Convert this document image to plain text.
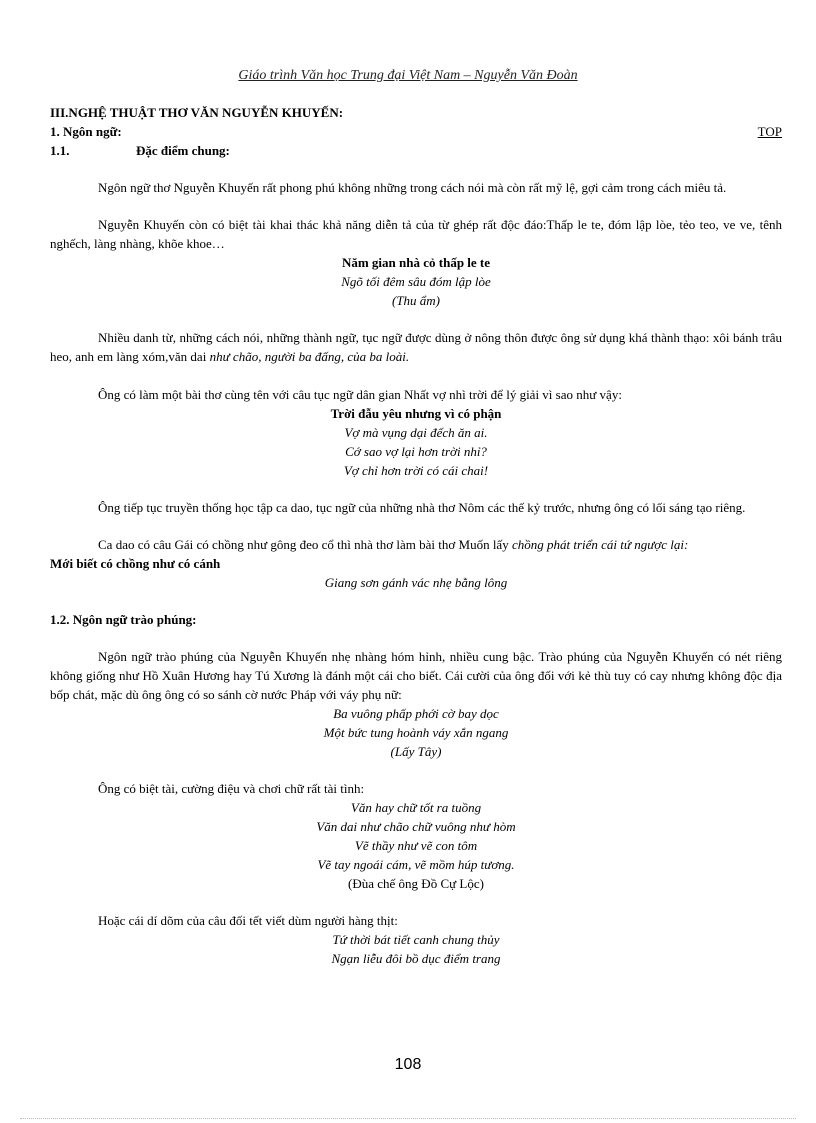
Giáo trình Văn học Trung đại Việt Nam – Nguyễn Văn Đoàn
III.NGHỆ THUẬT THƠ VĂN NGUYỄN KHUYẾN:
1. Ngôn ngữ:	TOP
1.1.	Đặc điểm chung:

Ngôn ngữ thơ Nguyễn Khuyến rất phong phú không những trong cách nói mà còn rất mỹ lệ, gợi cảm trong cách miêu tả.

Nguyễn Khuyến còn có biệt tài khai thác khả năng diễn tả của từ ghép rất độc đáo:Thấp le te, đóm lập lòe, tẻo teo, ve ve, tênh nghếch, làng nhàng, khõe khoe…

Năm gian nhà cỏ thấp le te
Ngõ tối đêm sâu đóm lập lòe
(Thu ẩm)

Nhiều danh từ, những cách nói, những thành ngữ, tục ngữ được dùng ở nông thôn được ông sử dụng khá thành thạo: xôi bánh trâu heo, anh em làng xóm,văn dai như chão, người ba đấng, của ba loài.

Ông có làm một bài thơ cùng tên với câu tục ngữ dân gian Nhất vợ nhì trời để lý giải vì sao như vậy:

Trời đẫu yêu nhưng vì có phận
Vợ mà vụng dại đếch ăn ai.
Cớ sao vợ lại hơn trời nhỉ?
Vợ chỉ hơn trời có cái chai!

Ông tiếp tục truyền thống học tập ca dao, tục ngữ của những nhà thơ Nôm các thế kỷ trước, nhưng ông có lối sáng tạo riêng.

Ca dao có câu Gái có chồng như gông đeo cổ thì nhà thơ làm bài thơ Muốn lấy chồng phát triển cái tứ ngược lại:

Mới biết có chồng như có cánh
Giang sơn gánh vác nhẹ bằng lông
1.2. Ngôn ngữ trào phúng:

Ngôn ngữ trào phúng của Nguyễn Khuyến nhẹ nhàng hóm hỉnh, nhiều cung bậc. Trào phúng của Nguyễn Khuyến có nét riêng không giống như Hồ Xuân Hương hay Tú Xương là đánh một cái cho biết. Cái cười của ông đối với kẻ thù tuy có cay nhưng không độc địa bốp chát, mặc dù ông ông có so sánh cờ nước Pháp với váy phụ nữ:

Ba vuông phấp phới cờ bay dọc
Một bức tung hoành váy xắn ngang
(Lấy Tây)

Ông có biệt tài, cường điệu và chơi chữ rất tài tình:

Văn hay chữ tốt ra tuồng
Văn dai như chão chữ vuông như hòm
Vẽ thầy như vẽ con tôm
Vẽ tay ngoái cám, vẽ mồm húp tương.
(Đùa chế ông Đồ Cự Lộc)

Hoặc cái dí dõm của câu đối tết viết dùm người hàng thịt:

Tứ thời bát tiết canh chung thủy
Ngạn liễu đôi bồ dục điểm trang
108
